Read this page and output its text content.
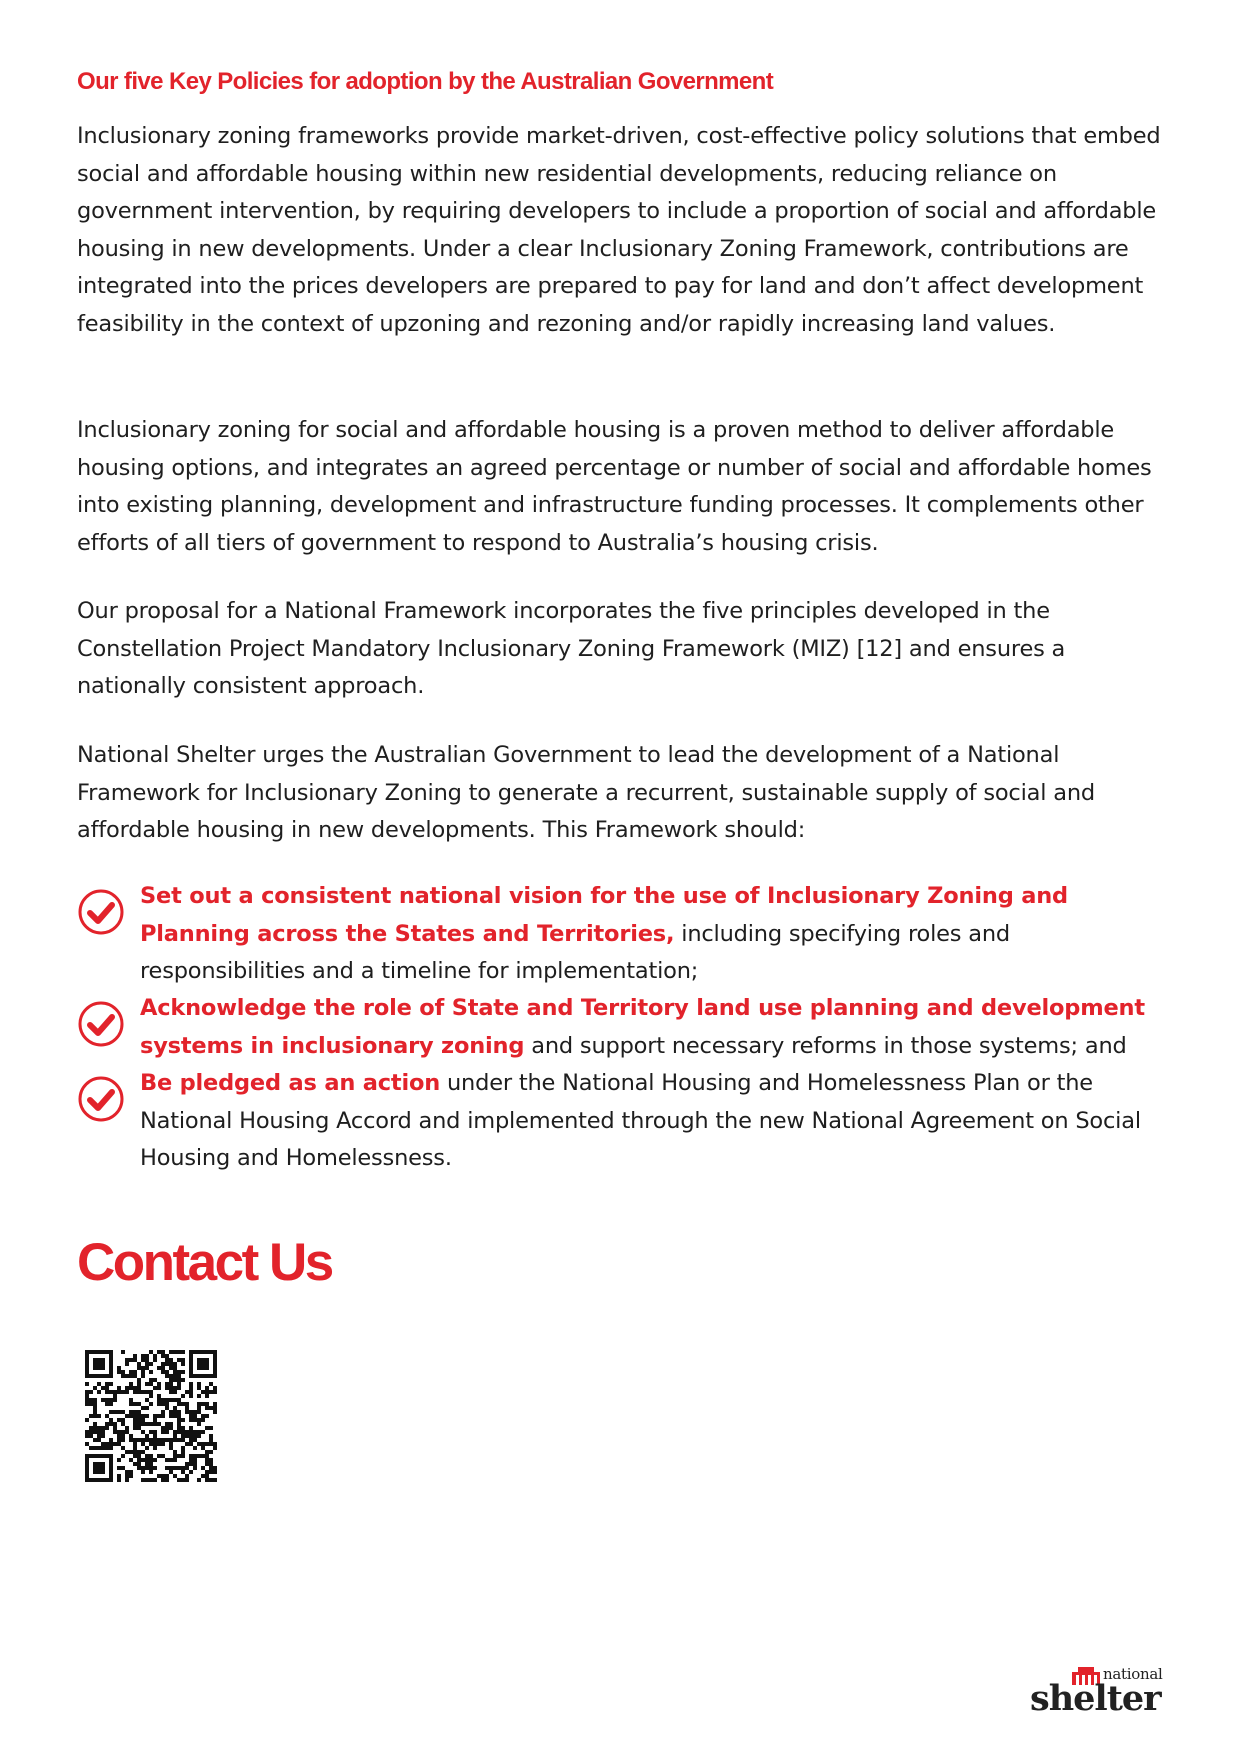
Our five Key Policies for adoption by the Australian Government

Inclusionary zoning frameworks provide market-driven, cost-effective policy solutions that embed social and affordable housing within new residential developments, reducing reliance on government intervention, by requiring developers to include a proportion of social and affordable housing in new developments. Under a clear Inclusionary Zoning Framework, contributions are integrated into the prices developers are prepared to pay for land and don’t affect development feasibility in the context of upzoning and rezoning and/or rapidly increasing land values.

Inclusionary zoning for social and affordable housing is a proven method to deliver affordable housing options, and integrates an agreed percentage or number of social and affordable homes into existing planning, development and infrastructure funding processes. It complements other efforts of all tiers of government to respond to Australia’s housing crisis.

Our proposal for a National Framework incorporates the five principles developed in the Constellation Project Mandatory Inclusionary Zoning Framework (MIZ) [12] and ensures a nationally consistent approach.

National Shelter urges the Australian Government to lead the development of a National Framework for Inclusionary Zoning to generate a recurrent, sustainable supply of social and affordable housing in new developments. This Framework should:

Set out a consistent national vision for the use of Inclusionary Zoning and Planning across the States and Territories, including specifying roles and responsibilities and a timeline for implementation;
Acknowledge the role of State and Territory land use planning and development systems in inclusionary zoning and support necessary reforms in those systems; and
Be pledged as an action under the National Housing and Homelessness Plan or the National Housing Accord and implemented through the new National Agreement on Social Housing and Homelessness.
Contact Us
national
shelter
